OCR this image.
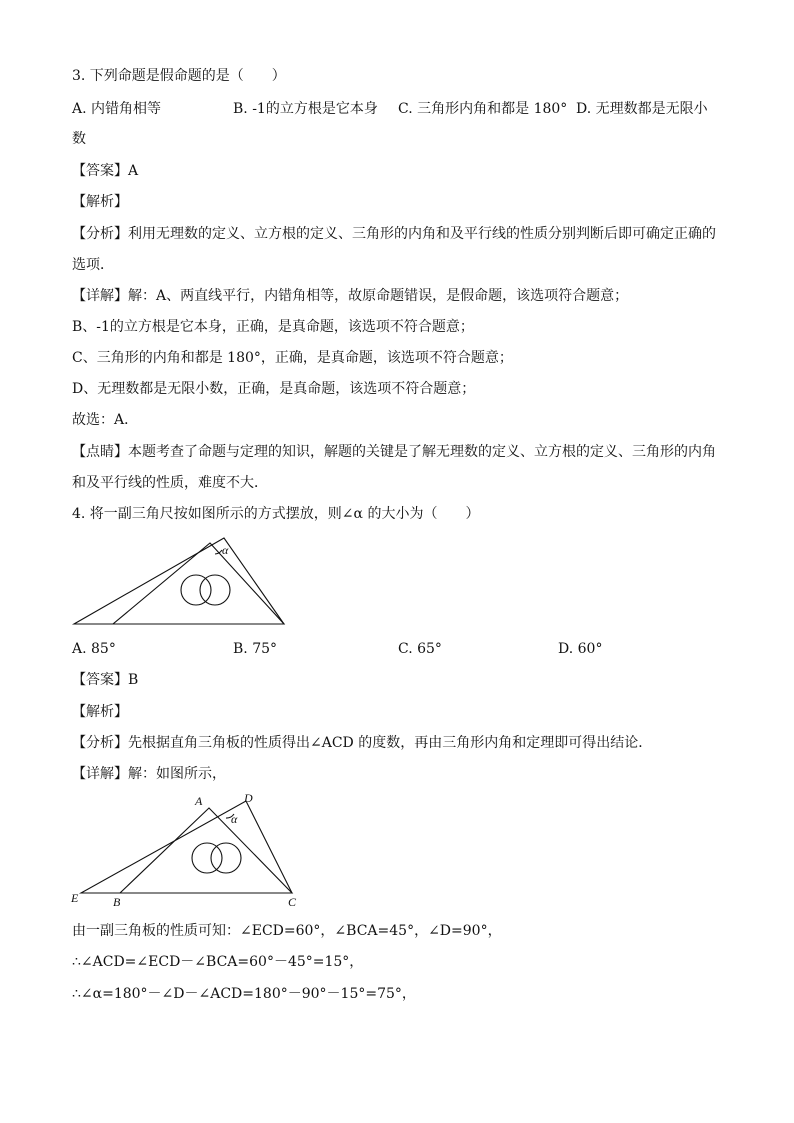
3. 下列命题是假命题的是（　　）
A. 内错角相等	B. -1的立方根是它本身 C. 三角形内角和都是 180° D. 无理数都是无限小
数
【答案】A
【解析】
【分析】利用无理数的定义、立方根的定义、三角形的内角和及平行线的性质分别判断后即可确定正确的
选项．
【详解】解：A、两直线平行，内错角相等，故原命题错误，是假命题，该选项符合题意；
B、-1的立方根是它本身，正确，是真命题，该选项不符合题意；
C、三角形的内角和都是 180°，正确，是真命题，该选项不符合题意；
D、无理数都是无限小数，正确，是真命题，该选项不符合题意；
故选：A．
【点睛】本题考查了命题与定理的知识，解题的关键是了解无理数的定义、立方根的定义、三角形的内角
和及平行线的性质，难度不大．
4. 将一副三角尺按如图所示的方式摆放，则∠α 的大小为（　　）
α
A. 85°	B. 75°	C. 65°	D. 60°
【答案】B
【解析】
【分析】先根据直角三角板的性质得出∠ACD 的度数，再由三角形内角和定理即可得出结论．
【详解】解：如图所示，
A	D
α
E	B	C
由一副三角板的性质可知：∠ECD=60°，∠BCA=45°，∠D=90°，
∴∠ACD=∠ECD－∠BCA=60°－45°=15°，
∴∠α=180°－∠D－∠ACD=180°－90°－15°=75°，
